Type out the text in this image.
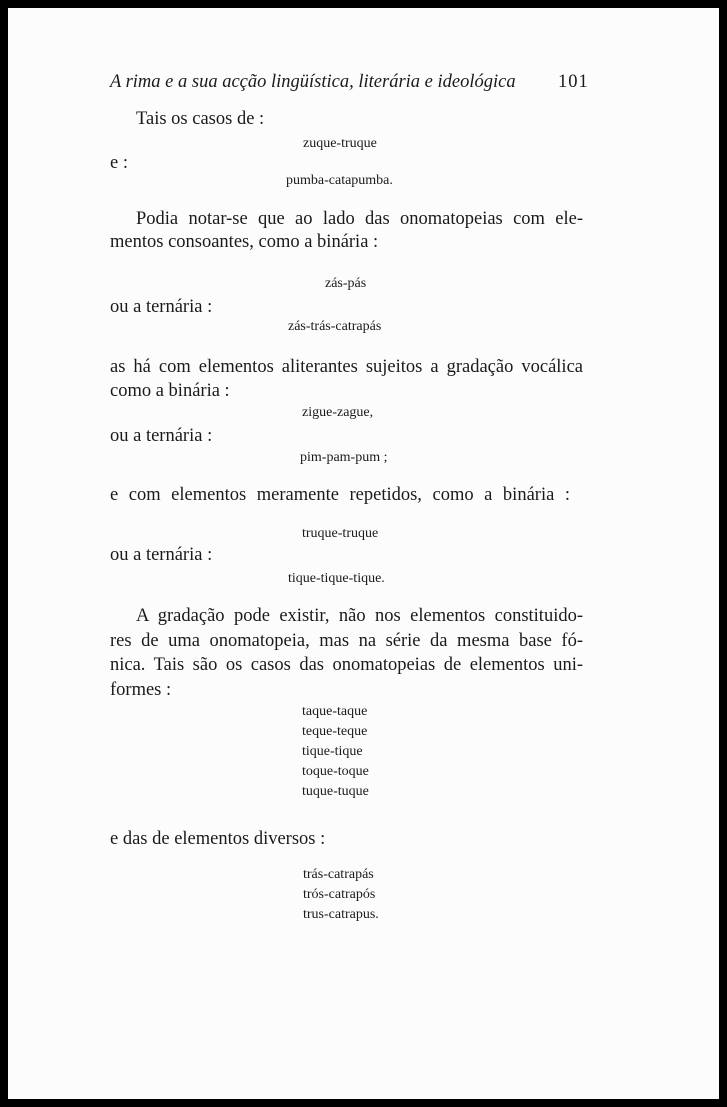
A rima e a sua acção lingüística, literária e ideológica 101
Tais os casos de :
zuque-truque
e :
pumba-catapumba.
Podia notar-se que ao lado das onomatopeias com ele-
mentos consoantes, como a binária :
zás-pás
ou a ternária :
zás-trás-catrapás
as há com elementos aliterantes sujeitos a gradação vocálica
como a binária :
zigue-zague,
ou a ternária :
pim-pam-pum ;
e com elementos meramente repetidos, como a binária :
truque-truque
ou a ternária :
tique-tique-tique.
A gradação pode existir, não nos elementos constituido-
res de uma onomatopeia, mas na série da mesma base fó-
nica. Tais são os casos das onomatopeias de elementos uni-
formes :
taque-taque
teque-teque
tique-tique
toque-toque
tuque-tuque
e das de elementos diversos :
trás-catrapás
trós-catrapós
trus-catrapus.
